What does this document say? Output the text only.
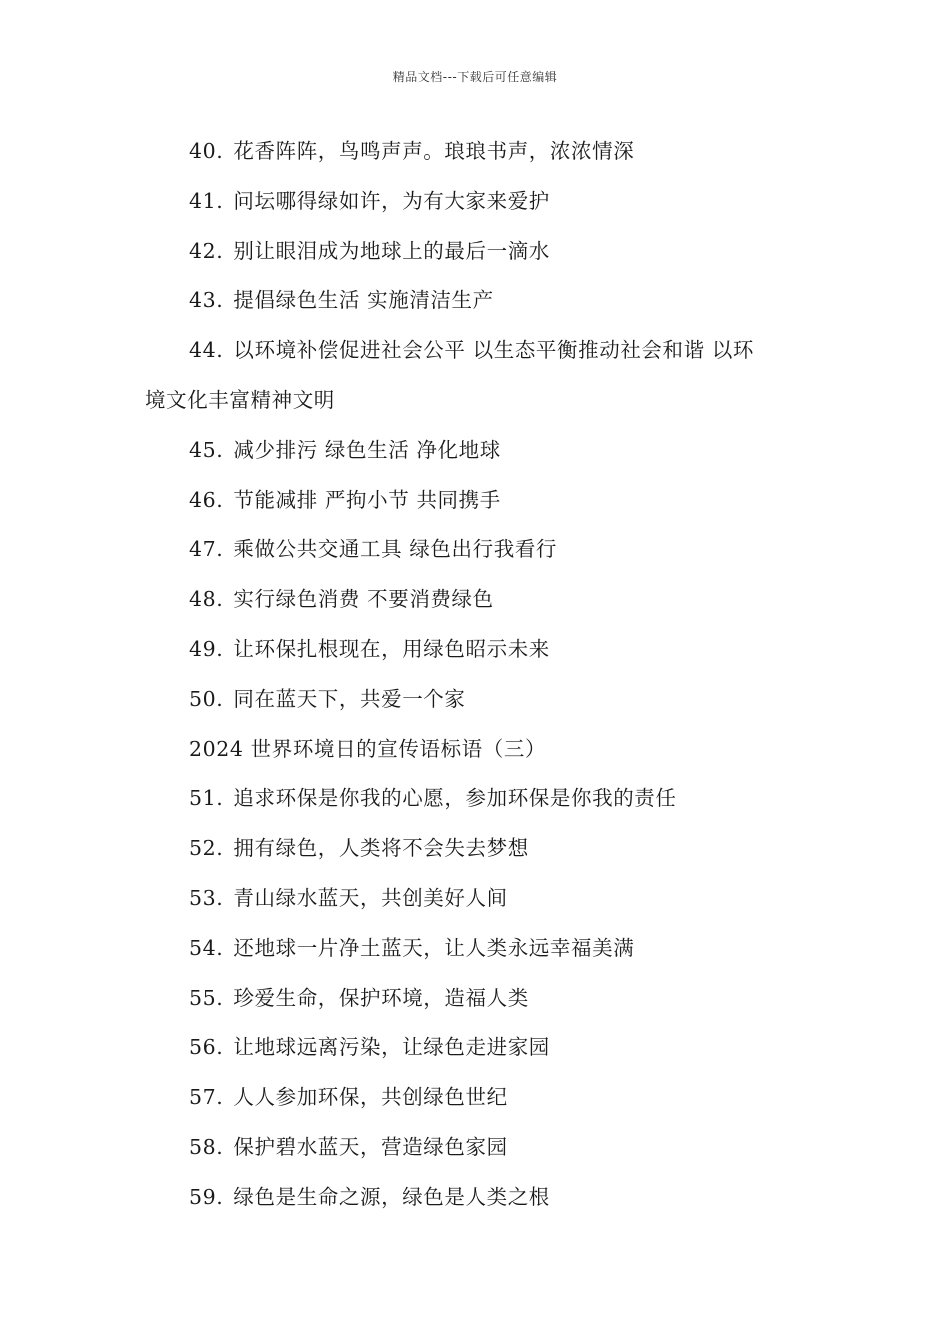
精品文档---下载后可任意编辑
40. 花香阵阵，鸟鸣声声。琅琅书声，浓浓情深
41. 问坛哪得绿如许，为有大家来爱护
42. 别让眼泪成为地球上的最后一滴水
43. 提倡绿色生活 实施清洁生产
44. 以环境补偿促进社会公平 以生态平衡推动社会和谐 以环
境文化丰富精神文明
45. 减少排污 绿色生活 净化地球
46. 节能减排 严拘小节 共同携手
47. 乘做公共交通工具 绿色出行我看行
48. 实行绿色消费 不要消费绿色
49. 让环保扎根现在，用绿色昭示未来
50. 同在蓝天下，共爱一个家
2024 世界环境日的宣传语标语（三）
51. 追求环保是你我的心愿，参加环保是你我的责任
52. 拥有绿色，人类将不会失去梦想
53. 青山绿水蓝天，共创美好人间
54. 还地球一片净土蓝天，让人类永远幸福美满
55. 珍爱生命，保护环境，造福人类
56. 让地球远离污染，让绿色走进家园
57. 人人参加环保，共创绿色世纪
58. 保护碧水蓝天，营造绿色家园
59. 绿色是生命之源，绿色是人类之根
